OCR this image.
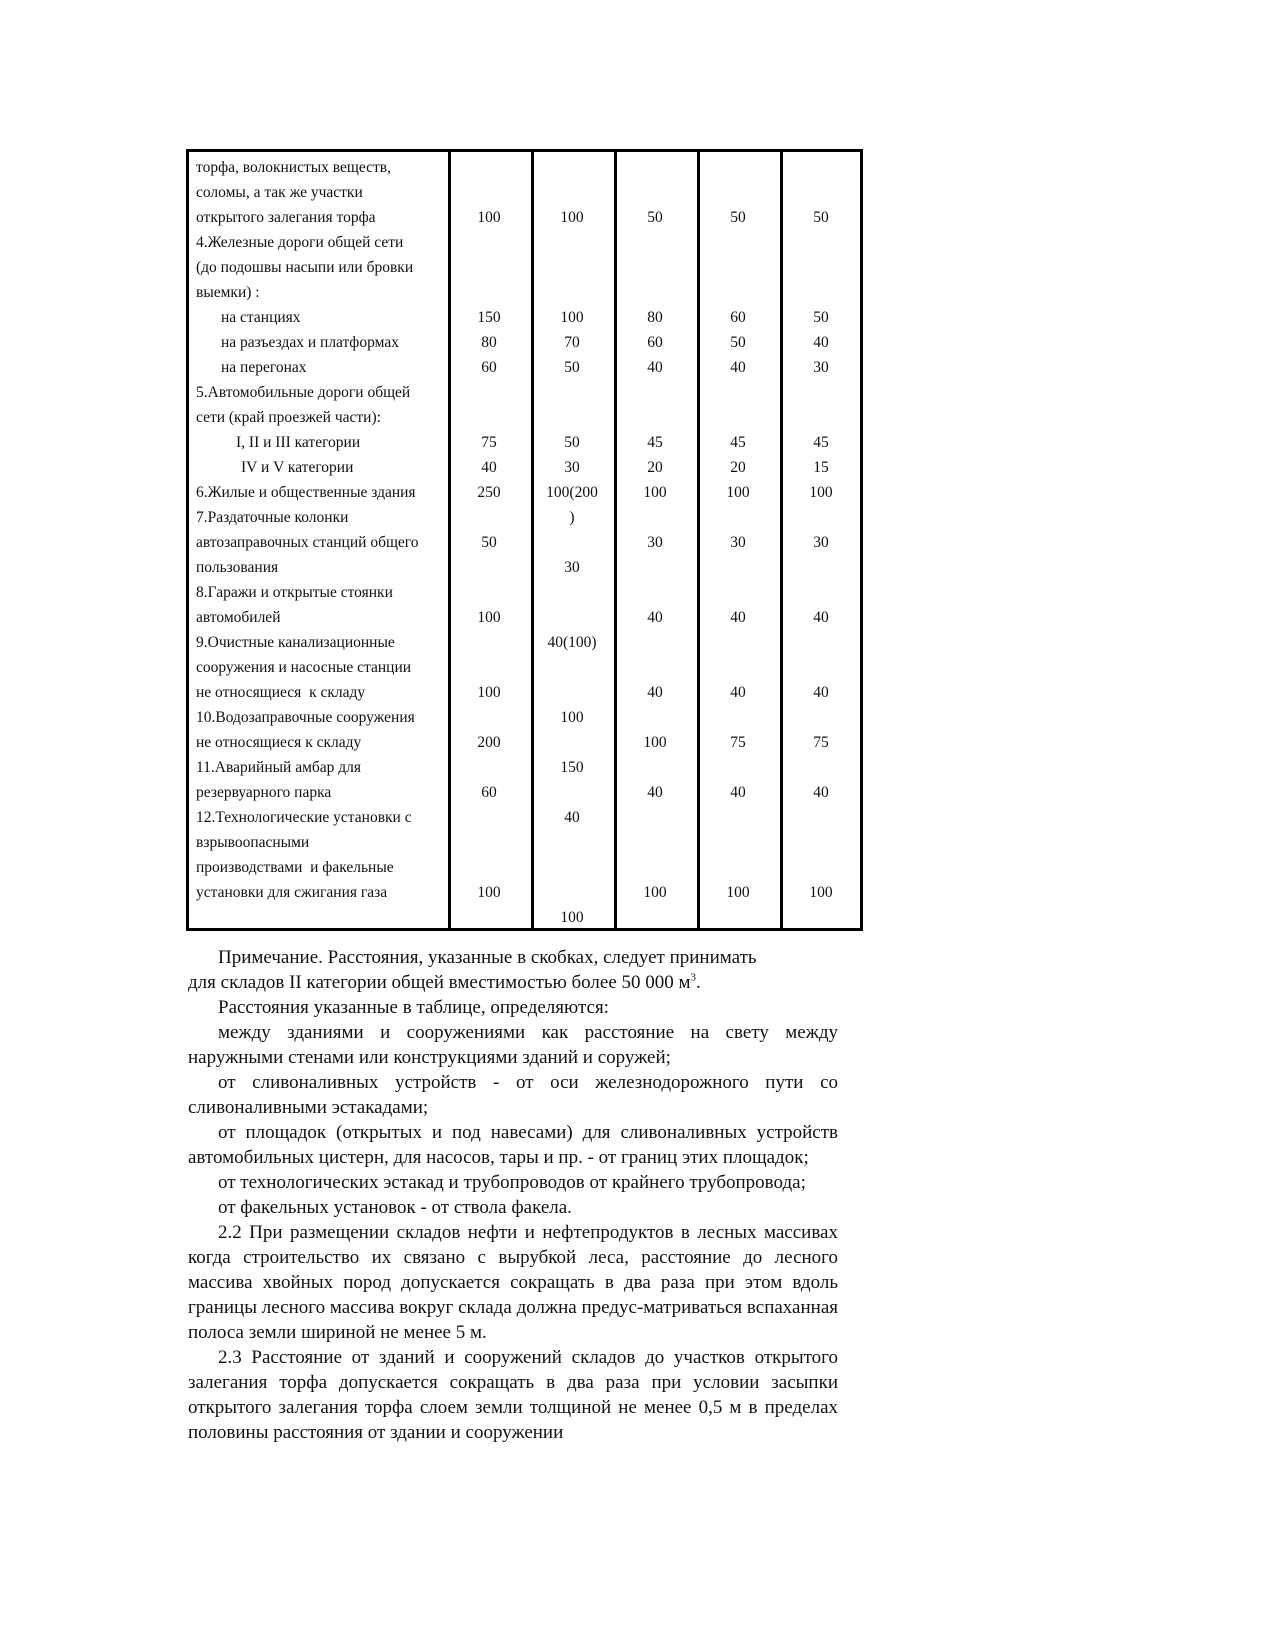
торфа, волокнистых веществ,
соломы, а так же участки
открытого залегания торфа
4.Железные дороги общей сети
(до подошвы насыпи или бровки
выемки) :
на станциях
на разъездах и платформах
на перегонах
5.Автомобильные дороги общей
сети (край проезжей части):
I, II и III категории
IV и V категории
6.Жилые и общественные здания
7.Раздаточные колонки
автозаправочных станций общего
пользования
8.Гаражи и открытые стоянки
автомобилей
9.Очистные канализационные
сооружения и насосные станции
не относящиеся  к складу
10.Водозаправочные сооружения
не относящиеся к складу
11.Аварийный амбар для
резервуарного парка
12.Технологические установки с
взрывоопасными
производствами  и факельные
установки для сжигания газа
100
150
80
60
75
40
250
50
100
100
200
60
100
100
100
70
50
50
30
100(200
)
30
40(100)
100
150
40
100
50
80
60
40
45
20
100
30
40
40
100
40
100
50
60
50
40
45
20
100
30
40
40
75
40
100
50
50
40
30
45
15
100
30
40
40
75
40
100

Примечание. Расстояния, указанные в скобках, следует принимать

для складов II категории общей вместимостью более 50 000 $м^3$.

Расстояния указанные в таблице, определяются:

между зданиями и сооружениями как расстояние на свету между наружными стенами или конструкциями зданий и соружей;

от сливоналивных устройств - от оси железнодорожного пути со сливоналивными эстакадами;

от площадок (открытых и под навесами) для сливоналивных устройств автомобильных цистерн, для насосов, тары и пр. - от границ этих площадок;

от технологических эстакад и трубопроводов от крайнего трубопровода;

от факельных установок - от ствола факела.

2.2 При размещении складов нефти и нефтепродуктов в лесных массивах когда строительство их связано с вырубкой леса, расстояние до лесного массива хвойных пород допускается сокращать в два раза при этом вдоль границы лесного массива вокруг склада должна предус-матриваться вспаханная полоса земли шириной не менее 5 м.

2.3 Расстояние от зданий и сооружений складов до участков открытого залегания торфа допускается сокращать в два раза при условии засыпки открытого залегания торфа слоем земли толщиной не менее 0,5 м в пределах половины расстояния от здании и сооружении
